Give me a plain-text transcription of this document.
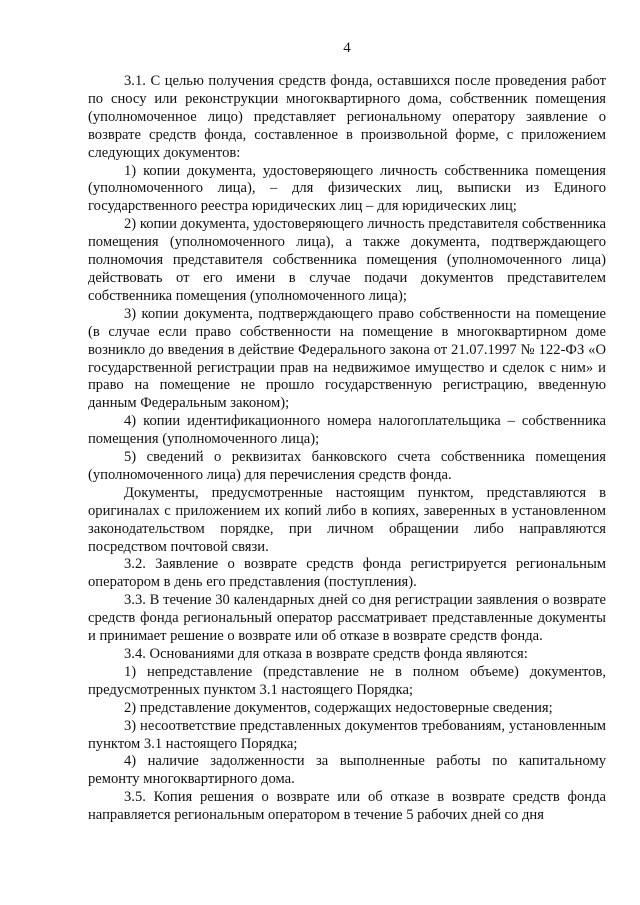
4

3.1. С целью получения средств фонда, оставшихся после проведения работ по сносу или реконструкции многоквартирного дома, собственник помещения (уполномоченное лицо) представляет региональному оператору заявление о возврате средств фонда, составленное в произвольной форме, с приложением следующих документов:

1) копии документа, удостоверяющего личность собственника помещения (уполномоченного лица), – для физических лиц, выписки из Единого государственного реестра юридических лиц – для юридических лиц;

2) копии документа, удостоверяющего личность представителя собственника помещения (уполномоченного лица), а также документа, подтверждающего полномочия представителя собственника помещения (уполномоченного лица) действовать от его имени в случае подачи документов представителем собственника помещения (уполномоченного лица);

3) копии документа, подтверждающего право собственности на помещение (в случае если право собственности на помещение в многоквартирном доме возникло до введения в действие Федерального закона от 21.07.1997 № 122-ФЗ «О государственной регистрации прав на недвижимое имущество и сделок с ним» и право на помещение не прошло государственную регистрацию, введенную данным Федеральным законом);

4) копии идентификационного номера налогоплательщика – собственника помещения (уполномоченного лица);

5) сведений о реквизитах банковского счета собственника помещения (уполномоченного лица) для перечисления средств фонда.

Документы, предусмотренные настоящим пунктом, представляются в оригиналах с приложением их копий либо в копиях, заверенных в установленном законодательством порядке, при личном обращении либо направляются посредством почтовой связи.

3.2. Заявление о возврате средств фонда регистрируется региональным оператором в день его представления (поступления).

3.3. В течение 30 календарных дней со дня регистрации заявления о возврате средств фонда региональный оператор рассматривает представленные документы и принимает решение о возврате или об отказе в возврате средств фонда.

3.4. Основаниями для отказа в возврате средств фонда являются:

1) непредставление (представление не в полном объеме) документов, предусмотренных пунктом 3.1 настоящего Порядка;

2) представление документов, содержащих недостоверные сведения;

3) несоответствие представленных документов требованиям, установленным пунктом 3.1 настоящего Порядка;

4) наличие задолженности за выполненные работы по капитальному ремонту многоквартирного дома.

3.5. Копия решения о возврате или об отказе в возврате средств фонда направляется региональным оператором в течение 5 рабочих дней со дня
